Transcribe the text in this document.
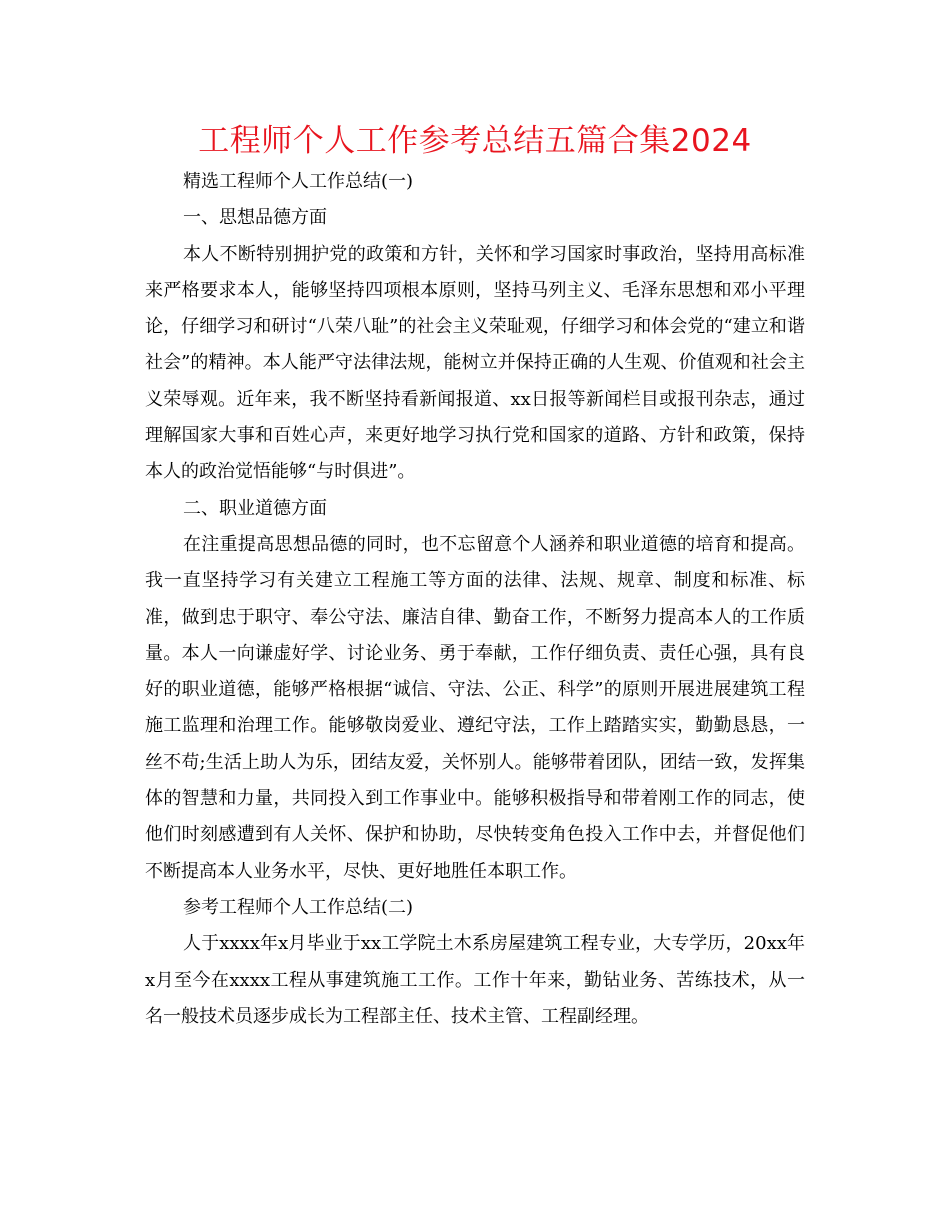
工程师个人工作参考总结五篇合集2024

精选工程师个人工作总结(一)

一、思想品德方面

本人不断特别拥护党的政策和方针，关怀和学习国家时事政治，坚持用高标准来严格要求本人，能够坚持四项根本原则，坚持马列主义、毛泽东思想和邓小平理论，仔细学习和研讨“八荣八耻”的社会主义荣耻观，仔细学习和体会党的“建立和谐社会”的精神。本人能严守法律法规，能树立并保持正确的人生观、价值观和社会主义荣辱观。近年来，我不断坚持看新闻报道、xx日报等新闻栏目或报刊杂志，通过理解国家大事和百姓心声，来更好地学习执行党和国家的道路、方针和政策，保持本人的政治觉悟能够“与时俱进”。

二、职业道德方面

在注重提高思想品德的同时，也不忘留意个人涵养和职业道德的培育和提高。我一直坚持学习有关建立工程施工等方面的法律、法规、规章、制度和标准、标准，做到忠于职守、奉公守法、廉洁自律、勤奋工作，不断努力提高本人的工作质量。本人一向谦虚好学、讨论业务、勇于奉献，工作仔细负责、责任心强，具有良好的职业道德，能够严格根据“诚信、守法、公正、科学”的原则开展进展建筑工程施工监理和治理工作。能够敬岗爱业、遵纪守法，工作上踏踏实实，勤勤恳恳，一丝不苟;生活上助人为乐，团结友爱，关怀别人。能够带着团队，团结一致，发挥集体的智慧和力量，共同投入到工作事业中。能够积极指导和带着刚工作的同志，使他们时刻感遭到有人关怀、保护和协助，尽快转变角色投入工作中去，并督促他们不断提高本人业务水平，尽快、更好地胜任本职工作。

参考工程师个人工作总结(二)

人于xxxx年x月毕业于xx工学院土木系房屋建筑工程专业，大专学历，20xx年x月至今在xxxx工程从事建筑施工工作。工作十年来，勤钻业务、苦练技术，从一名一般技术员逐步成长为工程部主任、技术主管、工程副经理。
